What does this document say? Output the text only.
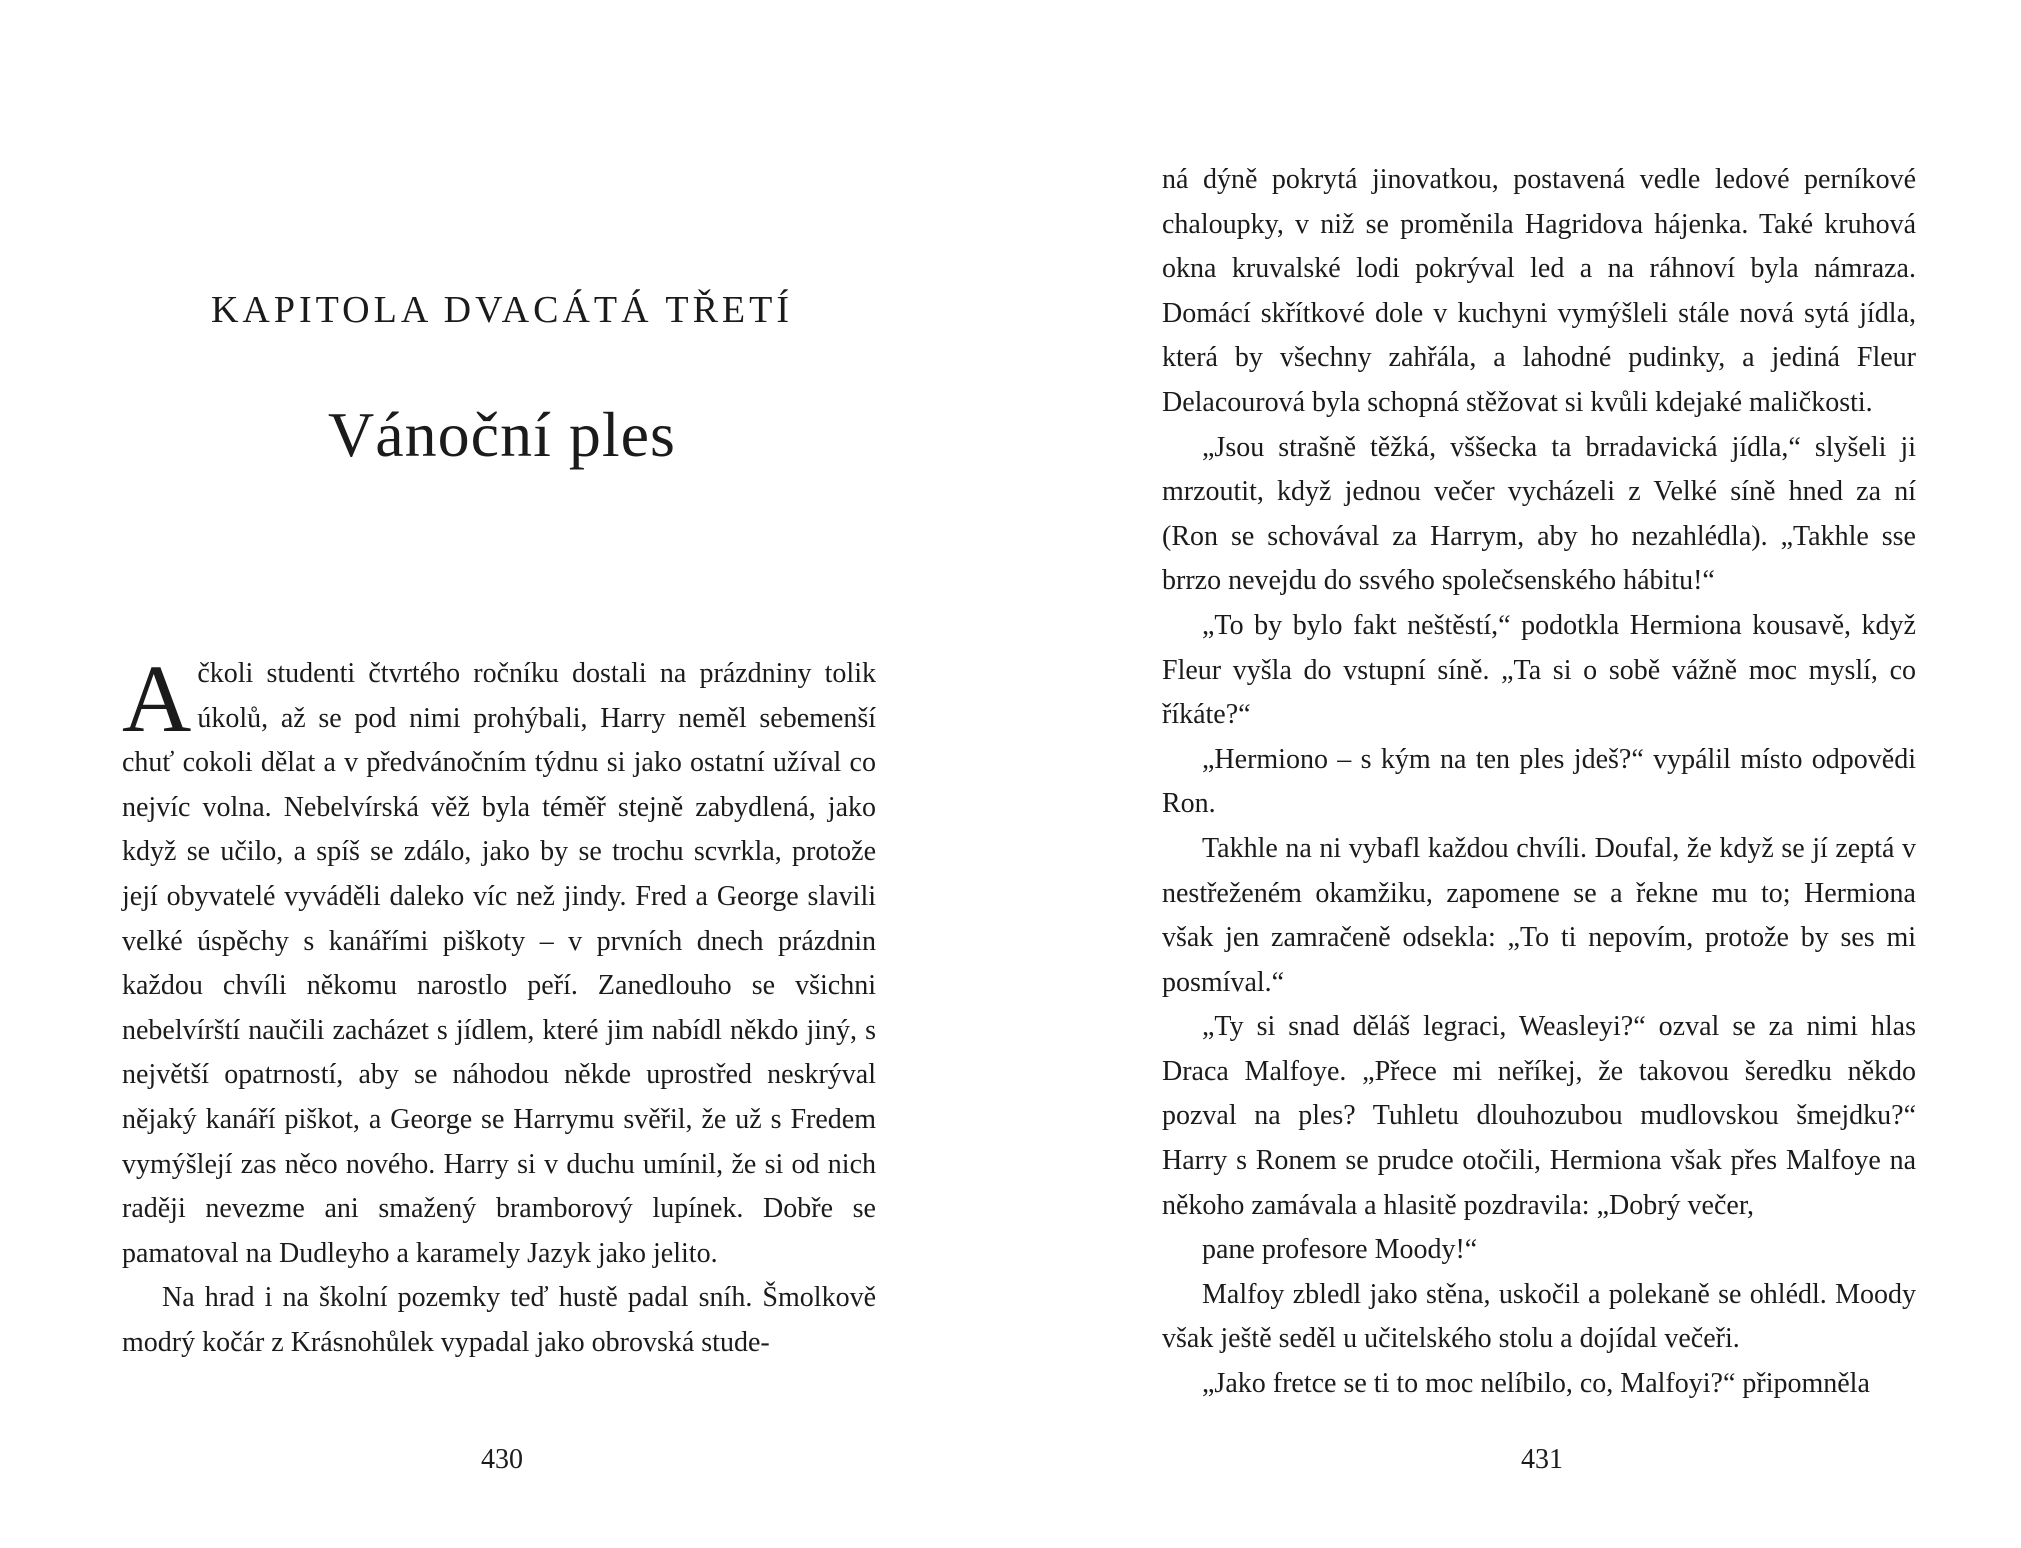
KAPITOLA DVACÁTÁ TŘETÍ
Vánoční ples

Ačkoli studenti čtvrtého ročníku dostali na prázdniny tolik úkolů, až se pod nimi prohýbali, Harry neměl sebemenší chuť cokoli dělat a v předvánočním týdnu si jako ostatní užíval co nejvíc volna. Nebelvírská věž byla téměř stejně zabydlená, jako když se učilo, a spíš se zdálo, jako by se trochu scvrkla, protože její obyvatelé vyváděli daleko víc než jindy. Fred a George slavili velké úspěchy s kanářími piškoty – v prvních dnech prázdnin každou chvíli někomu narostlo peří. Zanedlouho se všichni nebelvírští naučili zacházet s jídlem, které jim nabídl někdo jiný, s největší opatrností, aby se náhodou někde uprostřed neskrýval nějaký kanáří piškot, a George se Harrymu svěřil, že už s Fredem vymýšlejí zas něco nového. Harry si v duchu umínil, že si od nich raději nevezme ani smažený bramborový lupínek. Dobře se pamatoval na Dudleyho a karamely Jazyk jako jelito.

Na hrad i na školní pozemky teď hustě padal sníh. Šmolkově modrý kočár z Krásnohůlek vypadal jako obrovská stude-

430

ná dýně pokrytá jinovatkou, postavená vedle ledové perníkové chaloupky, v niž se proměnila Hagridova hájenka. Také kruhová okna kruvalské lodi pokrýval led a na ráhnoví byla námraza. Domácí skřítkové dole v kuchyni vymýšleli stále nová sytá jídla, která by všechny zahřála, a lahodné pudinky, a jediná Fleur Delacourová byla schopná stěžovat si kvůli kdejaké maličkosti.

„Jsou strašně těžká, vššecka ta brradavická jídla,“ slyšeli ji mrzoutit, když jednou večer vycházeli z Velké síně hned za ní (Ron se schovával za Harrym, aby ho nezahlédla). „Takhle sse brrzo nevejdu do ssvého společsenského hábitu!“

„To by bylo fakt neštěstí,“ podotkla Hermiona kousavě, když Fleur vyšla do vstupní síně. „Ta si o sobě vážně moc myslí, co říkáte?“

„Hermiono – s kým na ten ples jdeš?“ vypálil místo odpovědi Ron.

Takhle na ni vybafl každou chvíli. Doufal, že když se jí zeptá v nestřeženém okamžiku, zapomene se a řekne mu to; Hermiona však jen zamračeně odsekla: „To ti nepovím, protože by ses mi posmíval.“

„Ty si snad děláš legraci, Weasleyi?“ ozval se za nimi hlas Draca Malfoye. „Přece mi neříkej, že takovou šeredku někdo pozval na ples? Tuhletu dlouhozubou mudlovskou šmejdku?“ Harry s Ronem se prudce otočili, Hermiona však přes Malfoye na někoho zamávala a hlasitě pozdravila: „Dobrý večer,

pane profesore Moody!“

Malfoy zbledl jako stěna, uskočil a polekaně se ohlédl. Moody však ještě seděl u učitelského stolu a dojídal večeři.

„Jako fretce se ti to moc nelíbilo, co, Malfoyi?“ připomněla

431
